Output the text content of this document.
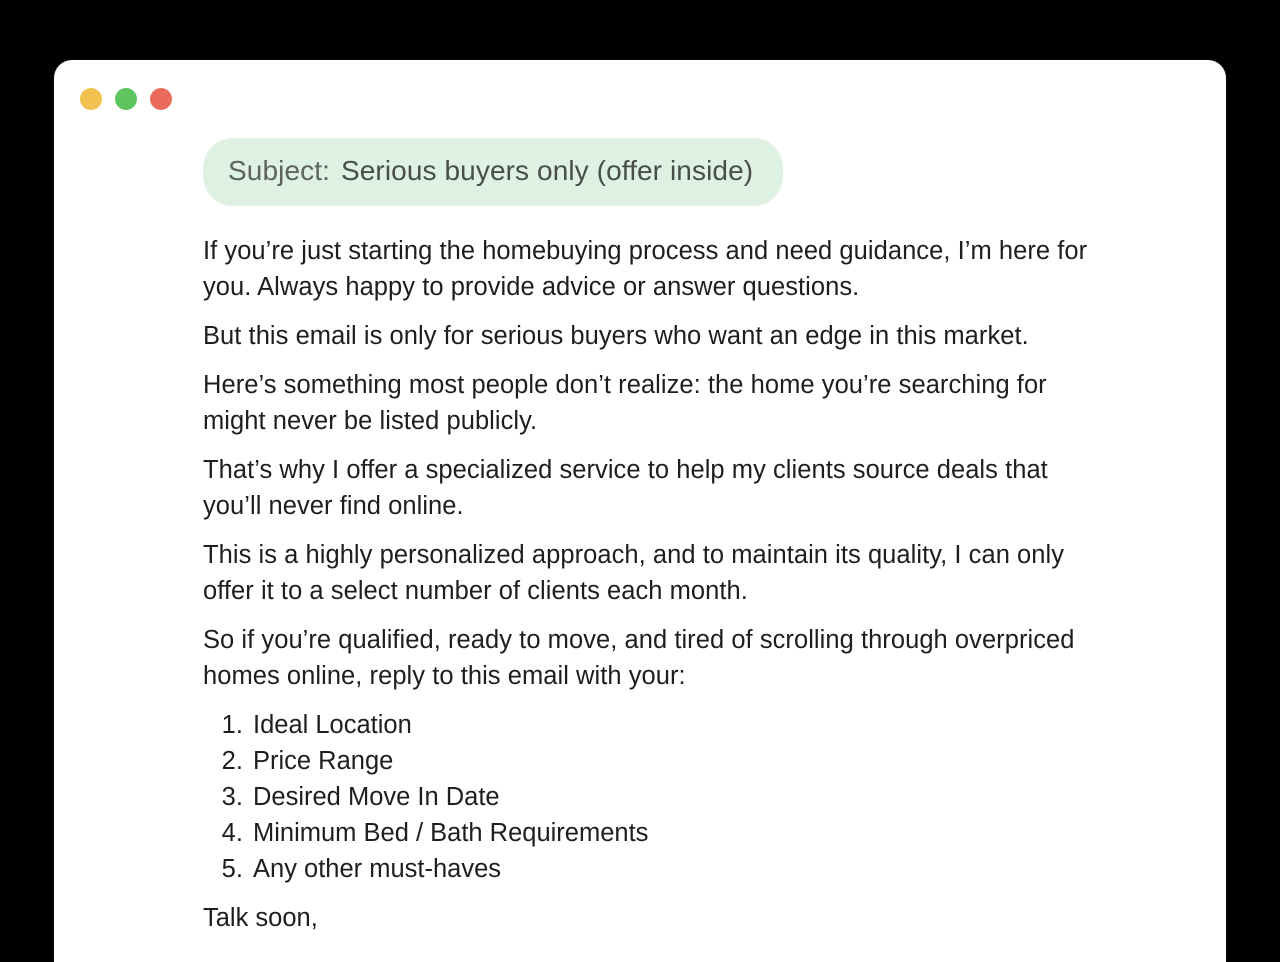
Subject: Serious buyers only (offer inside)

If you’re just starting the homebuying process and need guidance, I’m here for you. Always happy to provide advice or answer questions.

But this email is only for serious buyers who want an edge in this market.

Here’s something most people don’t realize: the home you’re searching for might never be listed publicly.

That’s why I offer a specialized service to help my clients source deals that you’ll never find online.

This is a highly personalized approach, and to maintain its quality, I can only offer it to a select number of clients each month.

So if you’re qualified, ready to move, and tired of scrolling through overpriced homes online, reply to this email with your:

1. Ideal Location
2. Price Range
3. Desired Move In Date
4. Minimum Bed / Bath Requirements
5. Any other must-haves

Talk soon,
